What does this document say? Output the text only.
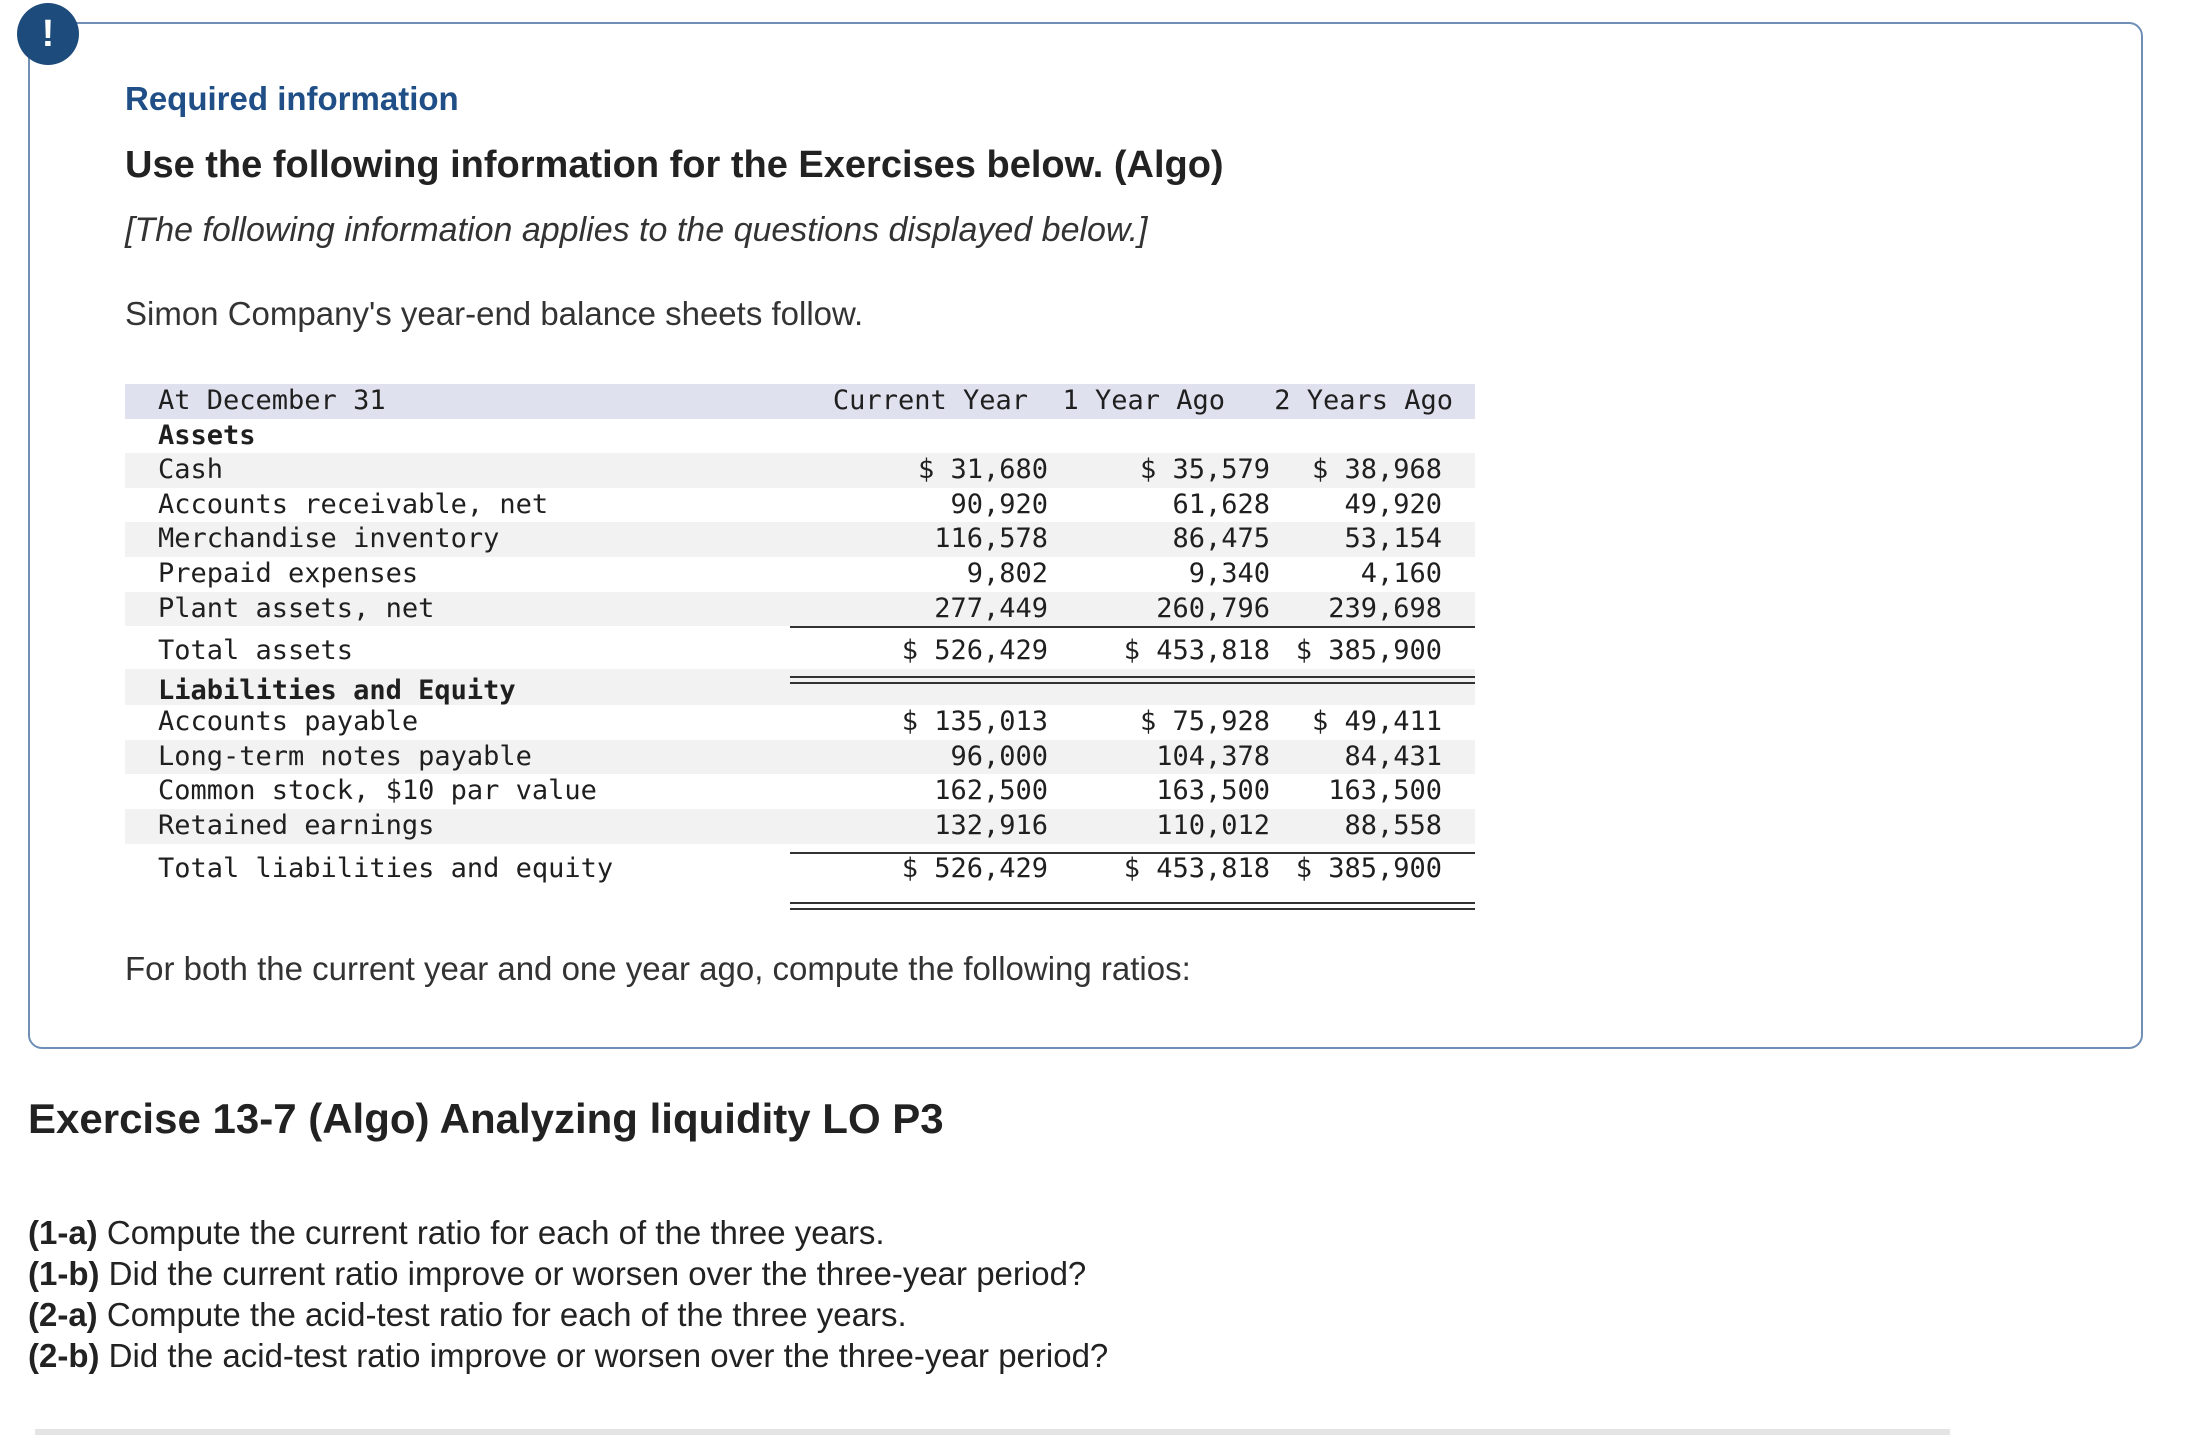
!
Required information
Use the following information for the Exercises below. (Algo)
[The following information applies to the questions displayed below.]
Simon Company's year-end balance sheets follow.
At December 31	Current Year 1 Year Ago 2 Years Ago
Assets
Cash	$ 31,680	$ 35,579 $ 38,968
Accounts receivable, net	90,920	61,628	49,920
Merchandise inventory	116,578	86,475	53,154
Prepaid expenses	9,802	9,340	4,160
Plant assets, net	277,449	260,796 239,698
Total assets	$ 526,429	$ 453,818 $ 385,900
Liabilities and Equity
Accounts payable	$ 135,013	$ 75,928 $ 49,411
Long-term notes payable	96,000	104,378	84,431
Common stock, $10 par value	162,500	163,500 163,500
Retained earnings	132,916	110,012	88,558
Total liabilities and equity	$ 526,429	$ 453,818 $ 385,900
For both the current year and one year ago, compute the following ratios:
Exercise 13-7 (Algo) Analyzing liquidity LO P3
(1-a) Compute the current ratio for each of the three years.
(1-b) Did the current ratio improve or worsen over the three-year period?
(2-a) Compute the acid-test ratio for each of the three years.
(2-b) Did the acid-test ratio improve or worsen over the three-year period?
